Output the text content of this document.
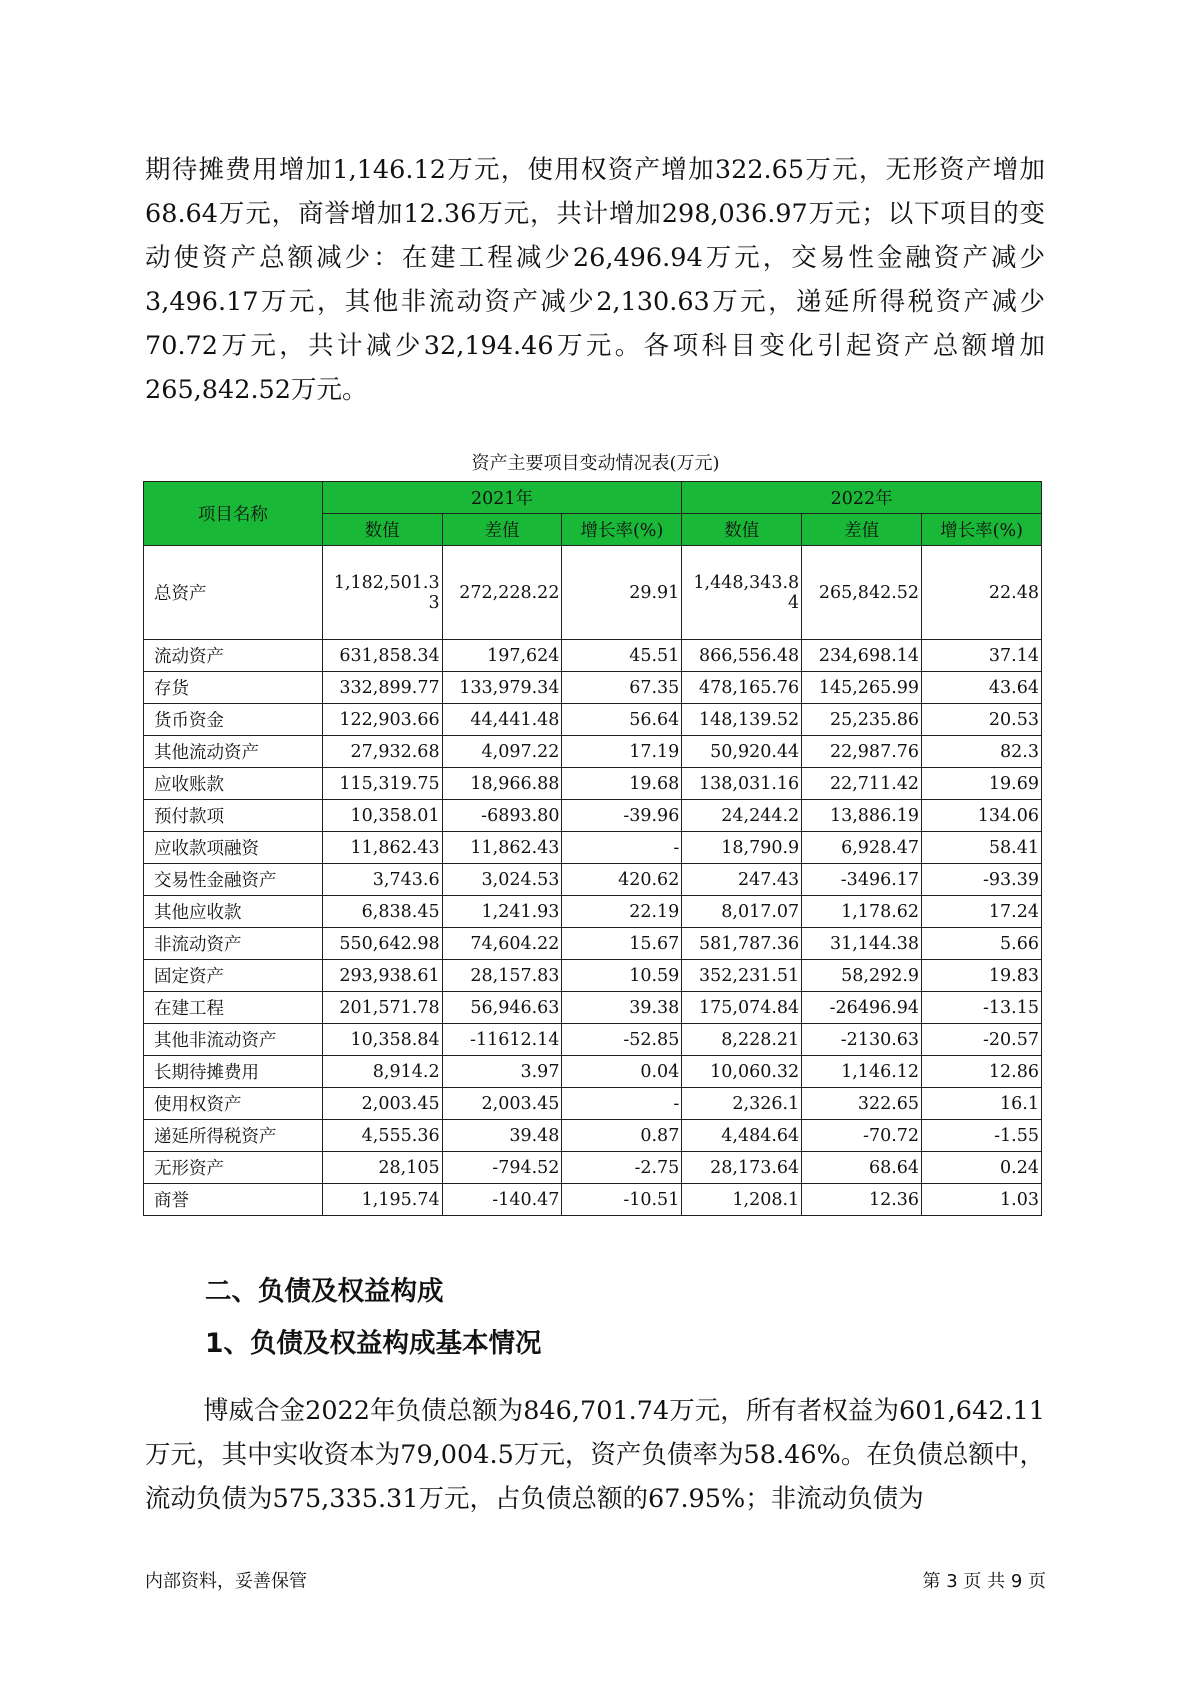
期待摊费用增加1,146.12万元，使用权资产增加322.65万元，无形资产增加68.64万元，商誉增加12.36万元，共计增加298,036.97万元；以下项目的变动使资产总额减少：在建工程减少26,496.94万元，交易性金融资产减少3,496.17万元，其他非流动资产减少2,130.63万元，递延所得税资产减少70.72万元，共计减少32,194.46万元。各项科目变化引起资产总额增加265,842.52万元。

资产主要项目变动情况表(万元)
项目名称	2021年			2022年		
	数值	差值	增长率(%)	数值	差值	增长率(%)
总资产	1,182,501.33	272,228.22	29.91	1,448,343.84	265,842.52	22.48
流动资产	631,858.34	197,624	45.51	866,556.48	234,698.14	37.14
存货	332,899.77	133,979.34	67.35	478,165.76	145,265.99	43.64
货币资金	122,903.66	44,441.48	56.64	148,139.52	25,235.86	20.53
其他流动资产	27,932.68	4,097.22	17.19	50,920.44	22,987.76	82.3
应收账款	115,319.75	18,966.88	19.68	138,031.16	22,711.42	19.69
预付款项	10,358.01	-6893.80	-39.96	24,244.2	13,886.19	134.06
应收款项融资	11,862.43	11,862.43	-	18,790.9	6,928.47	58.41
交易性金融资产	3,743.6	3,024.53	420.62	247.43	-3496.17	-93.39
其他应收款	6,838.45	1,241.93	22.19	8,017.07	1,178.62	17.24
非流动资产	550,642.98	74,604.22	15.67	581,787.36	31,144.38	5.66
固定资产	293,938.61	28,157.83	10.59	352,231.51	58,292.9	19.83
在建工程	201,571.78	56,946.63	39.38	175,074.84	-26496.94	-13.15
其他非流动资产	10,358.84	-11612.14	-52.85	8,228.21	-2130.63	-20.57
长期待摊费用	8,914.2	3.97	0.04	10,060.32	1,146.12	12.86
使用权资产	2,003.45	2,003.45	-	2,326.1	322.65	16.1
递延所得税资产	4,555.36	39.48	0.87	4,484.64	-70.72	-1.55
无形资产	28,105	-794.52	-2.75	28,173.64	68.64	0.24
商誉	1,195.74	-140.47	-10.51	1,208.1	12.36	1.03
二、负债及权益构成
1、负债及权益构成基本情况

博威合金2022年负债总额为846,701.74万元，所有者权益为601,642.11万元，其中实收资本为79,004.5万元，资产负债率为58.46%。在负债总额中，流动负债为575,335.31万元，占负债总额的67.95%；非流动负债为

内部资料，妥善保管	第 3 页 共 9 页
